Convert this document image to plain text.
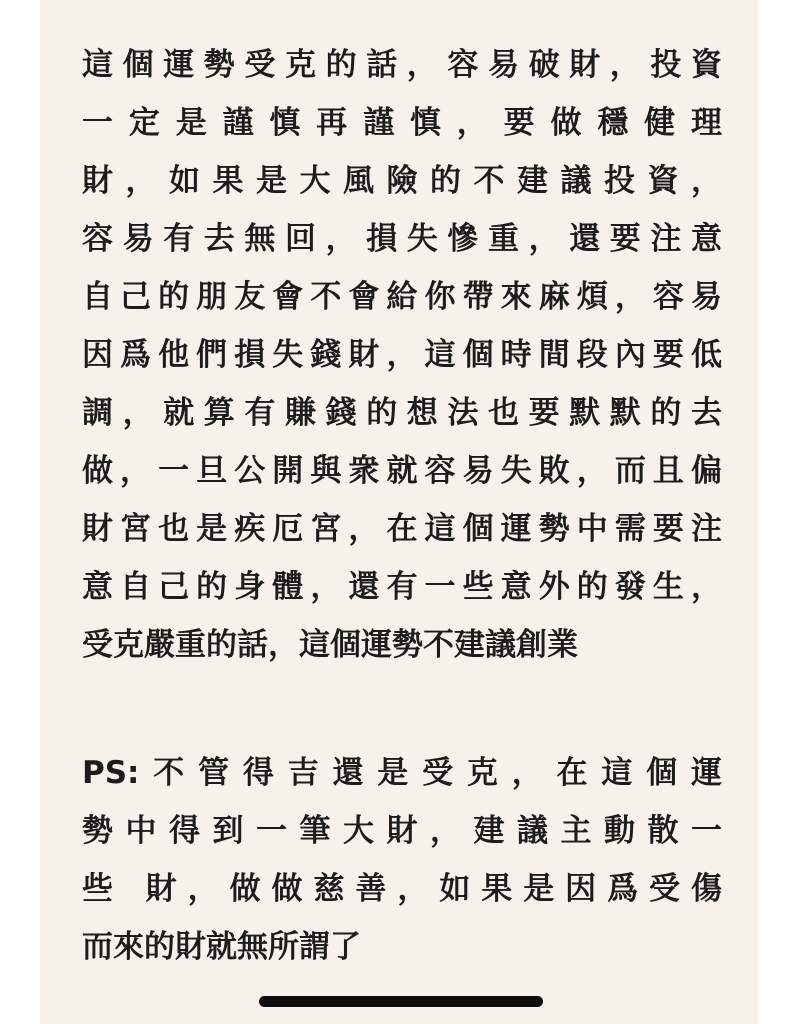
這個運勢受克的話，容易破財，投資
一定是謹慎再謹慎，要做穩健理
財，如果是大風險的不建議投資，
容易有去無回，損失慘重，還要注意
自己的朋友會不會給你帶來麻煩，容易
因爲他們損失錢財，這個時間段內要低
調，就算有賺錢的想法也要默默的去
做，一旦公開與衆就容易失敗，而且偏
財宮也是疾厄宮，在這個運勢中需要注
意自己的身體，還有一些意外的發生，
受克嚴重的話，這個運勢不建議創業
PS:不管得吉還是受克，在這個運
勢中得到一筆大財，建議主動散一
些 財，做做慈善，如果是因爲受傷
而來的財就無所謂了
